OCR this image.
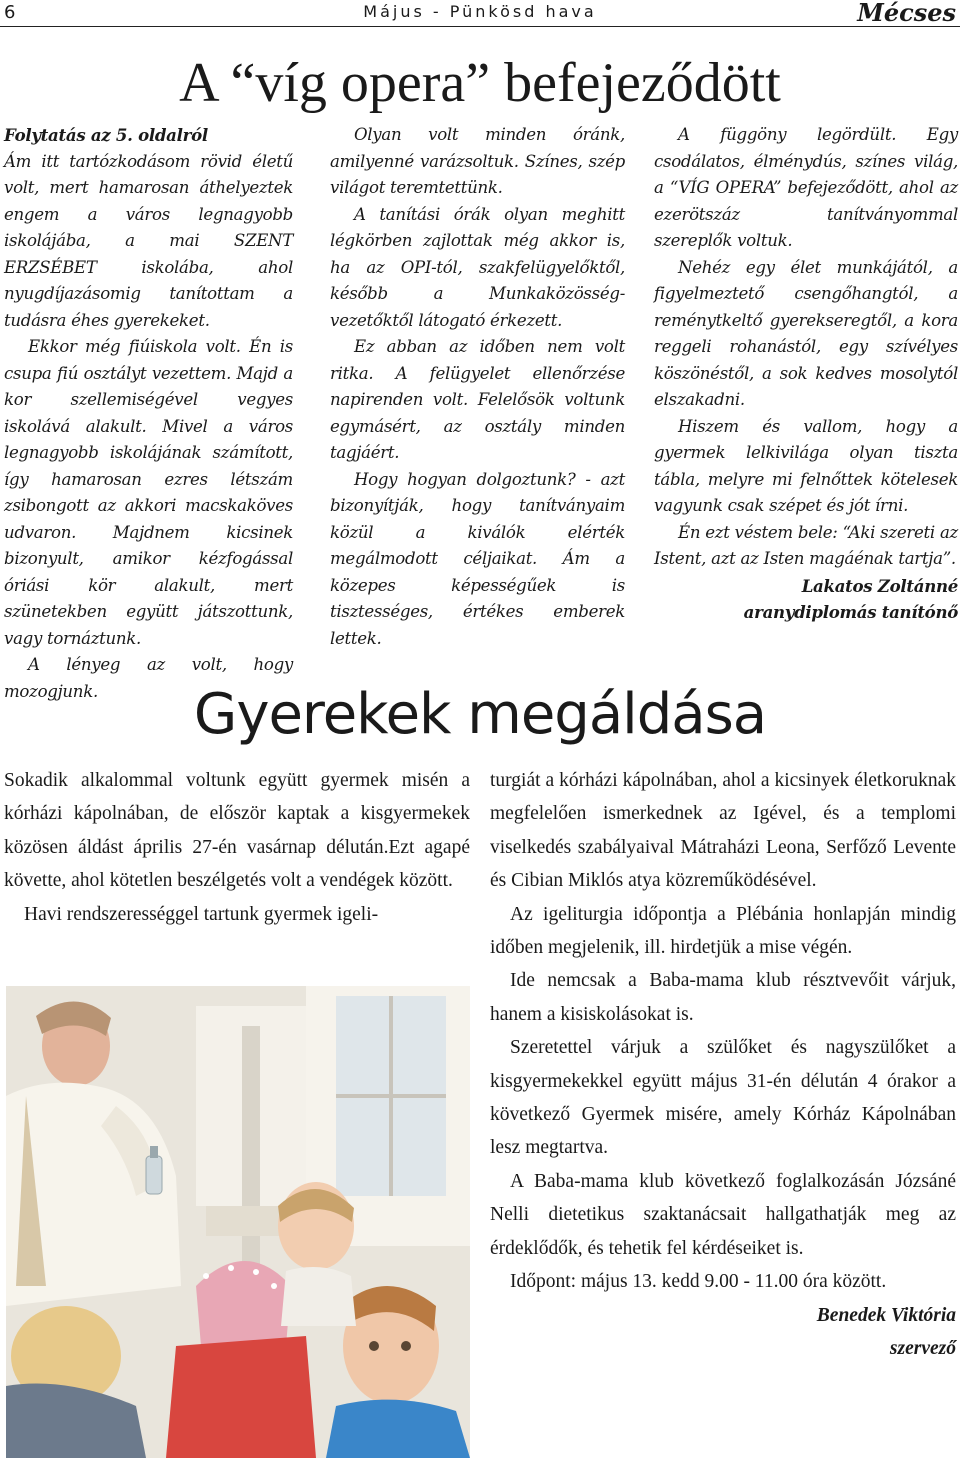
6	Május - Pünkösd hava	Mécses
A “víg opera” befejeződött

Folytatás az 5. oldalról

Ám itt tartózkodásom rövid életű volt, mert hamarosan áthelyeztek engem a város legnagyobb iskolájába, a mai SZENT ERZSÉBET iskolába, ahol nyugdíjazásomig tanítottam a tudásra éhes gyerekeket.

Ekkor még fiúiskola volt. Én is csupa fiú osztályt vezettem. Majd a kor szellemiségével vegyes iskolává alakult. Mivel a város legnagyobb iskolájának számított, így hamarosan ezres létszám zsibongott az akkori macskaköves udvaron. Majdnem kicsinek bizonyult, amikor kézfogással óriási kör alakult, mert szünetekben együtt játszottunk, vagy tornáztunk.

A lényeg az volt, hogy mozogjunk.

Olyan volt minden óránk, amilyenné varázsoltuk. Színes, szép világot teremtettünk.

A tanítási órák olyan meghitt légkörben zajlottak még akkor is, ha az OPI-tól, szakfelügyelőktől, később a Munkaközösség-vezetőktől látogató érkezett.

Ez abban az időben nem volt ritka. A felügyelet ellenőrzése napirenden volt. Felelősök voltunk egymásért, az osztály minden tagjáért.

Hogy hogyan dolgoztunk? - azt bizonyítják, hogy tanítványaim közül a kiválók elérték megálmodott céljaikat. Ám a közepes képességűek is tisztességes, értékes emberek lettek.

A függöny legördült. Egy csodálatos, élménydús, színes világ, a “VÍG OPERA” befejeződött, ahol az ezerötszáz tanítványommal szereplők voltuk.

Nehéz egy élet munkájától, a figyelmeztető csengőhangtól, a reménytkeltő gyerekseregtől, a kora reggeli rohanástól, egy szívélyes köszönéstől, a sok kedves mosolytól elszakadni.

Hiszem és vallom, hogy a gyermek lelkivilága olyan tiszta tábla, melyre mi felnőttek kötelesek vagyunk csak szépet és jót írni.

Én ezt véstem bele: “Aki szereti az Istent, azt az Isten magáénak tartja”.

Lakatos Zoltánné

aranydiplomás tanítónő

Gyerekek megáldása

Sokadik alkalommal voltunk együtt gyermek misén a kórházi kápolnában, de először kaptak a kisgyermekek közösen áldást április 27-én vasárnap délután.Ezt agapé követte, ahol kötetlen beszélgetés volt a vendégek között.

Havi rendszerességgel tartunk gyermek igeli-

turgiát a kórházi kápolnában, ahol a kicsinyek életkoruknak megfelelően ismerkednek az Igével, és a templomi viselkedés szabályaival Mátraházi Leona, Serfőző Levente és Cibian Miklós atya közreműködésével.

Az igeliturgia időpontja a Plébánia honlapján mindig időben megjelenik, ill. hirdetjük a mise végén.

Ide nemcsak a Baba-mama klub résztvevőit várjuk, hanem a kisiskolásokat is.

Szeretettel várjuk a szülőket és nagyszülőket a kisgyermekekkel együtt május 31-én délután 4 órakor a következő Gyermek misére, amely Kórház Kápolnában lesz megtartva.

A Baba-mama klub következő foglalkozásán Józsáné Nelli dietetikus szaktanácsait hallgathatják meg az érdeklődők, és tehetik fel kérdéseiket is.

Időpont: május 13. kedd 9.00 - 11.00 óra között.

Benedek Viktória

szervező
